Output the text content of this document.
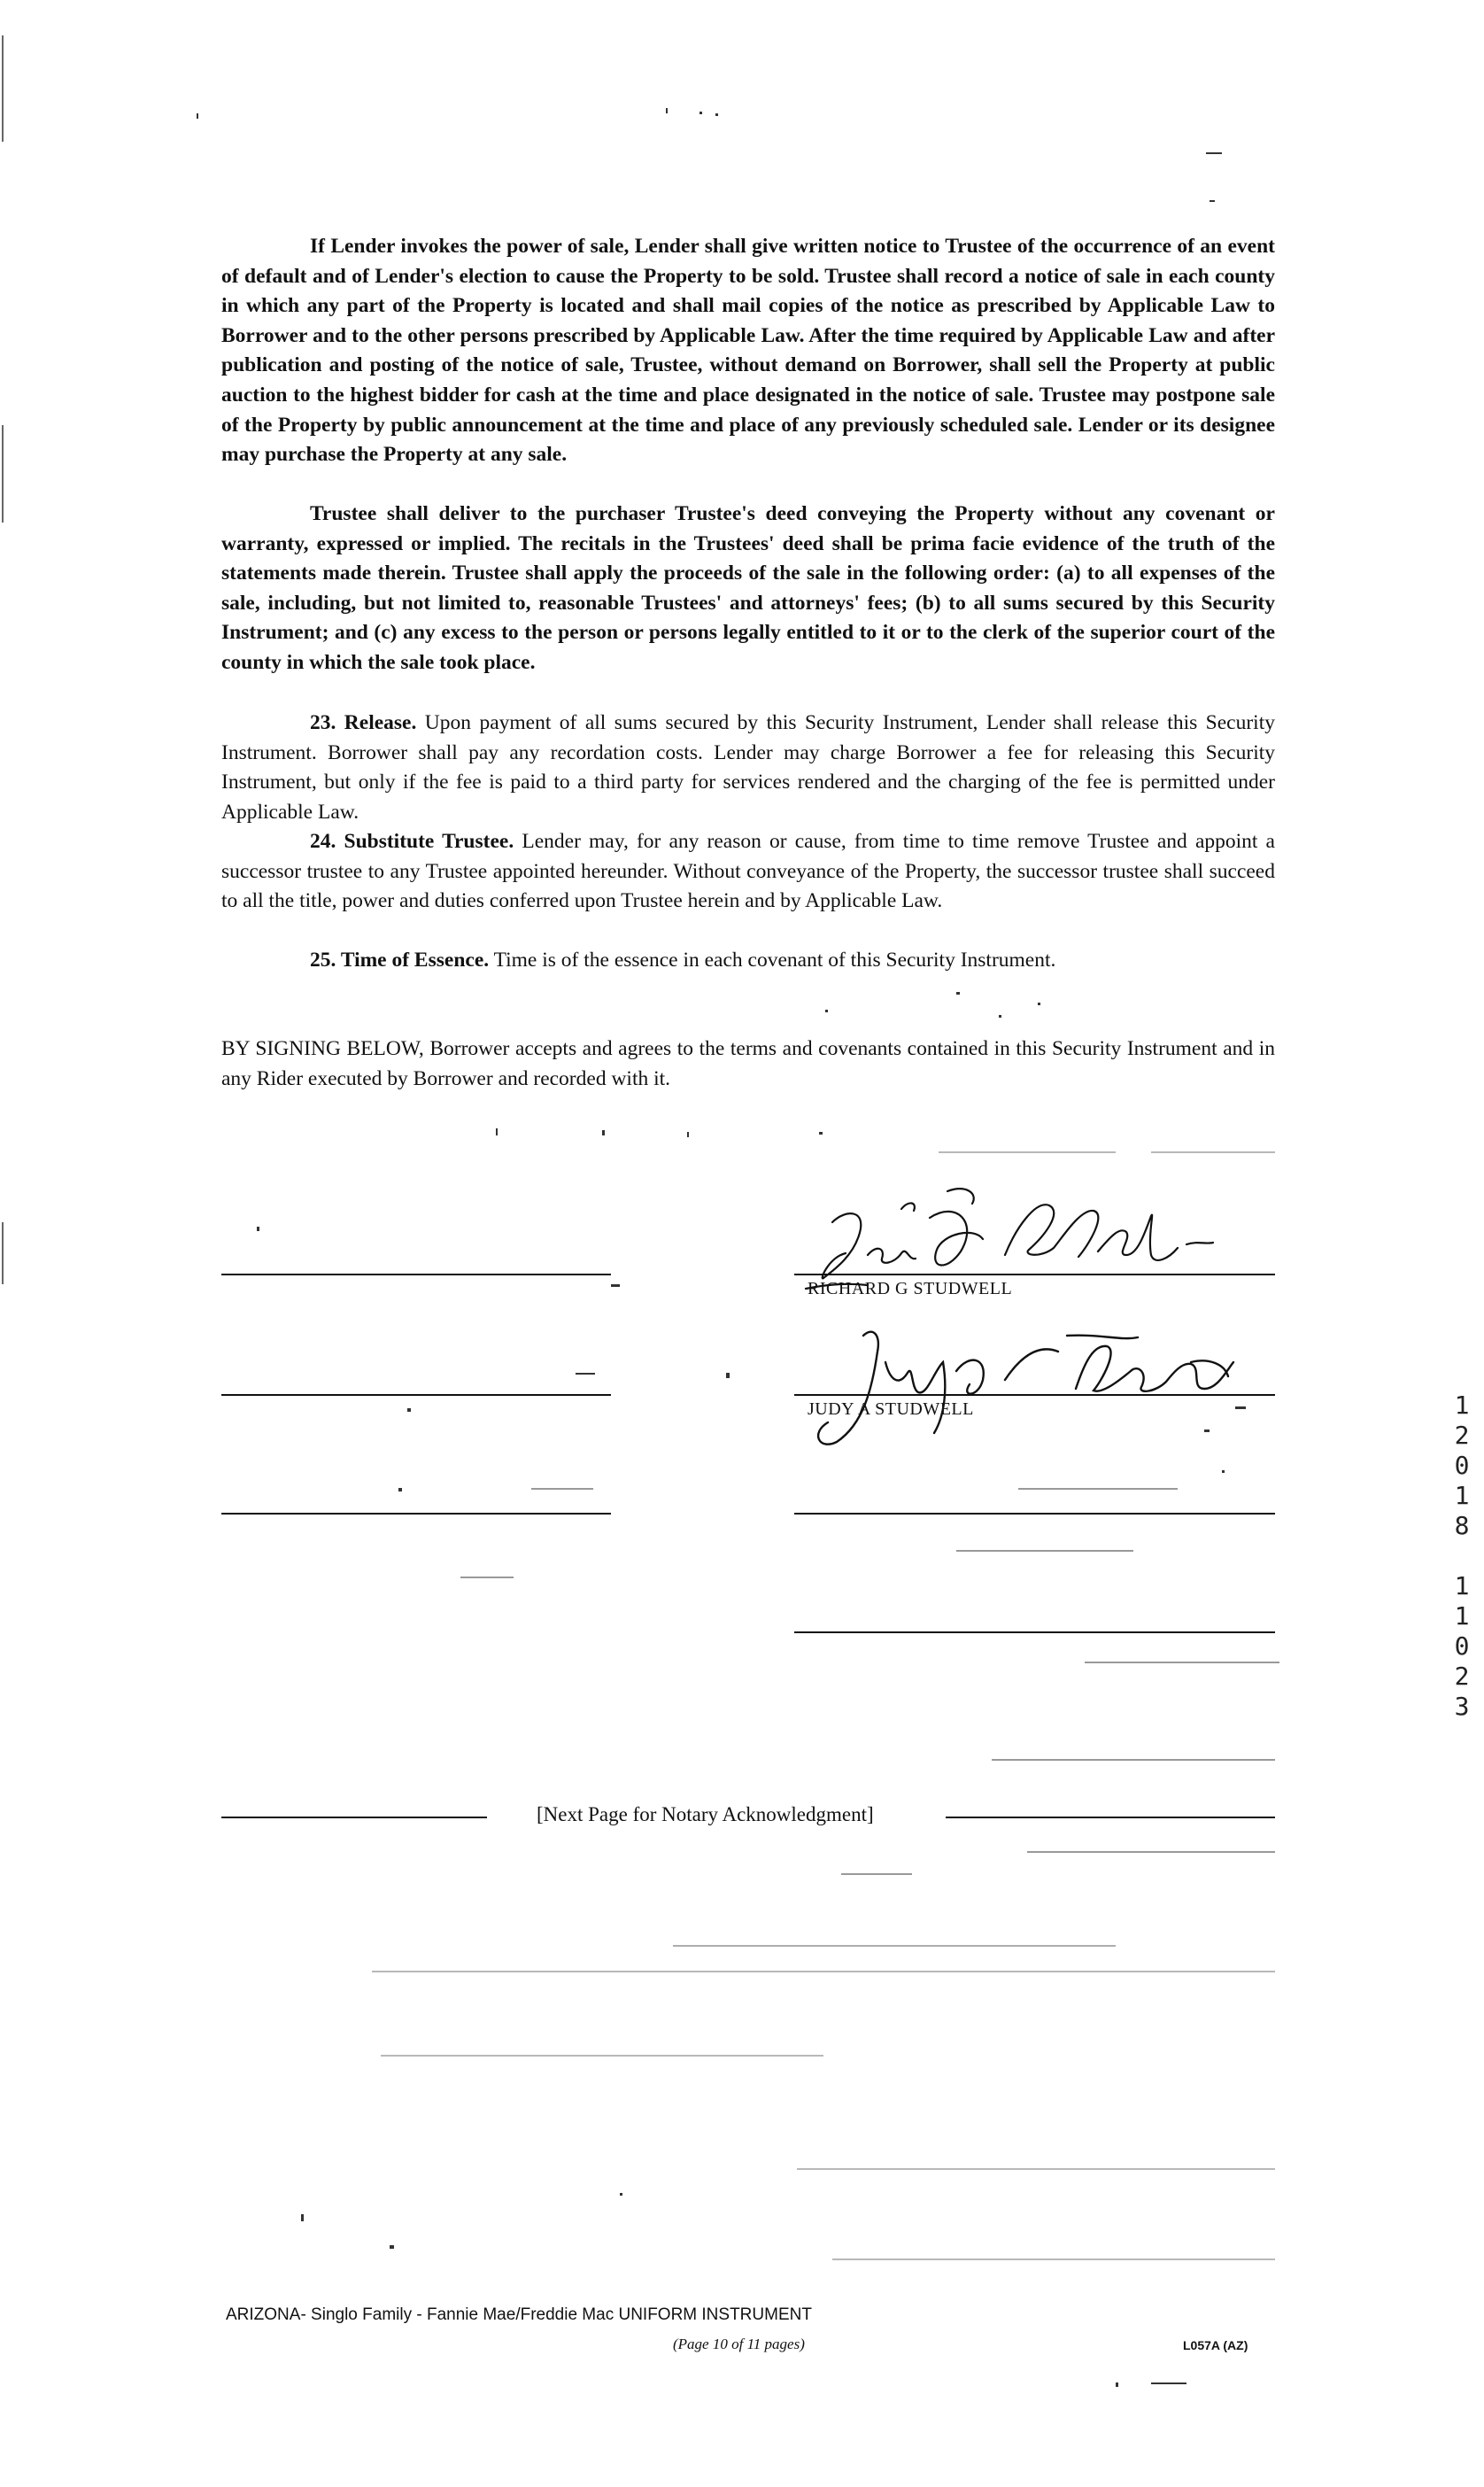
If Lender invokes the power of sale, Lender shall give written notice to Trustee of the occurrence of an event of default and of Lender's election to cause the Property to be sold. Trustee shall record a notice of sale in each county in which any part of the Property is located and shall mail copies of the notice as prescribed by Applicable Law to Borrower and to the other persons prescribed by Applicable Law. After the time required by Applicable Law and after publication and posting of the notice of sale, Trustee, without demand on Borrower, shall sell the Property at public auction to the highest bidder for cash at the time and place designated in the notice of sale. Trustee may postpone sale of the Property by public announcement at the time and place of any previously scheduled sale. Lender or its designee may purchase the Property at any sale.

Trustee shall deliver to the purchaser Trustee's deed conveying the Property without any covenant or warranty, expressed or implied. The recitals in the Trustees' deed shall be prima facie evidence of the truth of the statements made therein. Trustee shall apply the proceeds of the sale in the following order: (a) to all expenses of the sale, including, but not limited to, reasonable Trustees' and attorneys' fees; (b) to all sums secured by this Security Instrument; and (c) any excess to the person or persons legally entitled to it or to the clerk of the superior court of the county in which the sale took place.

23. Release. Upon payment of all sums secured by this Security Instrument, Lender shall release this Security Instrument. Borrower shall pay any recordation costs. Lender may charge Borrower a fee for releasing this Security Instrument, but only if the fee is paid to a third party for services rendered and the charging of the fee is permitted under Applicable Law.

24. Substitute Trustee. Lender may, for any reason or cause, from time to time remove Trustee and appoint a successor trustee to any Trustee appointed hereunder. Without conveyance of the Property, the successor trustee shall succeed to all the title, power and duties conferred upon Trustee herein and by Applicable Law.

25. Time of Essence. Time is of the essence in each covenant of this Security Instrument.

BY SIGNING BELOW, Borrower accepts and agrees to the terms and covenants contained in this Security Instrument and in any Rider executed by Borrower and recorded with it.

RICHARD G STUDWELL
JUDY A STUDWELL
[Next Page for Notary Acknowledgment]
ARIZONA- Singlo Family - Fannie Mae/Freddie Mac UNIFORM INSTRUMENT
(Page 10 of 11 pages)	L057A (AZ)
1
2
0
1
8
1
1
0
2
3
